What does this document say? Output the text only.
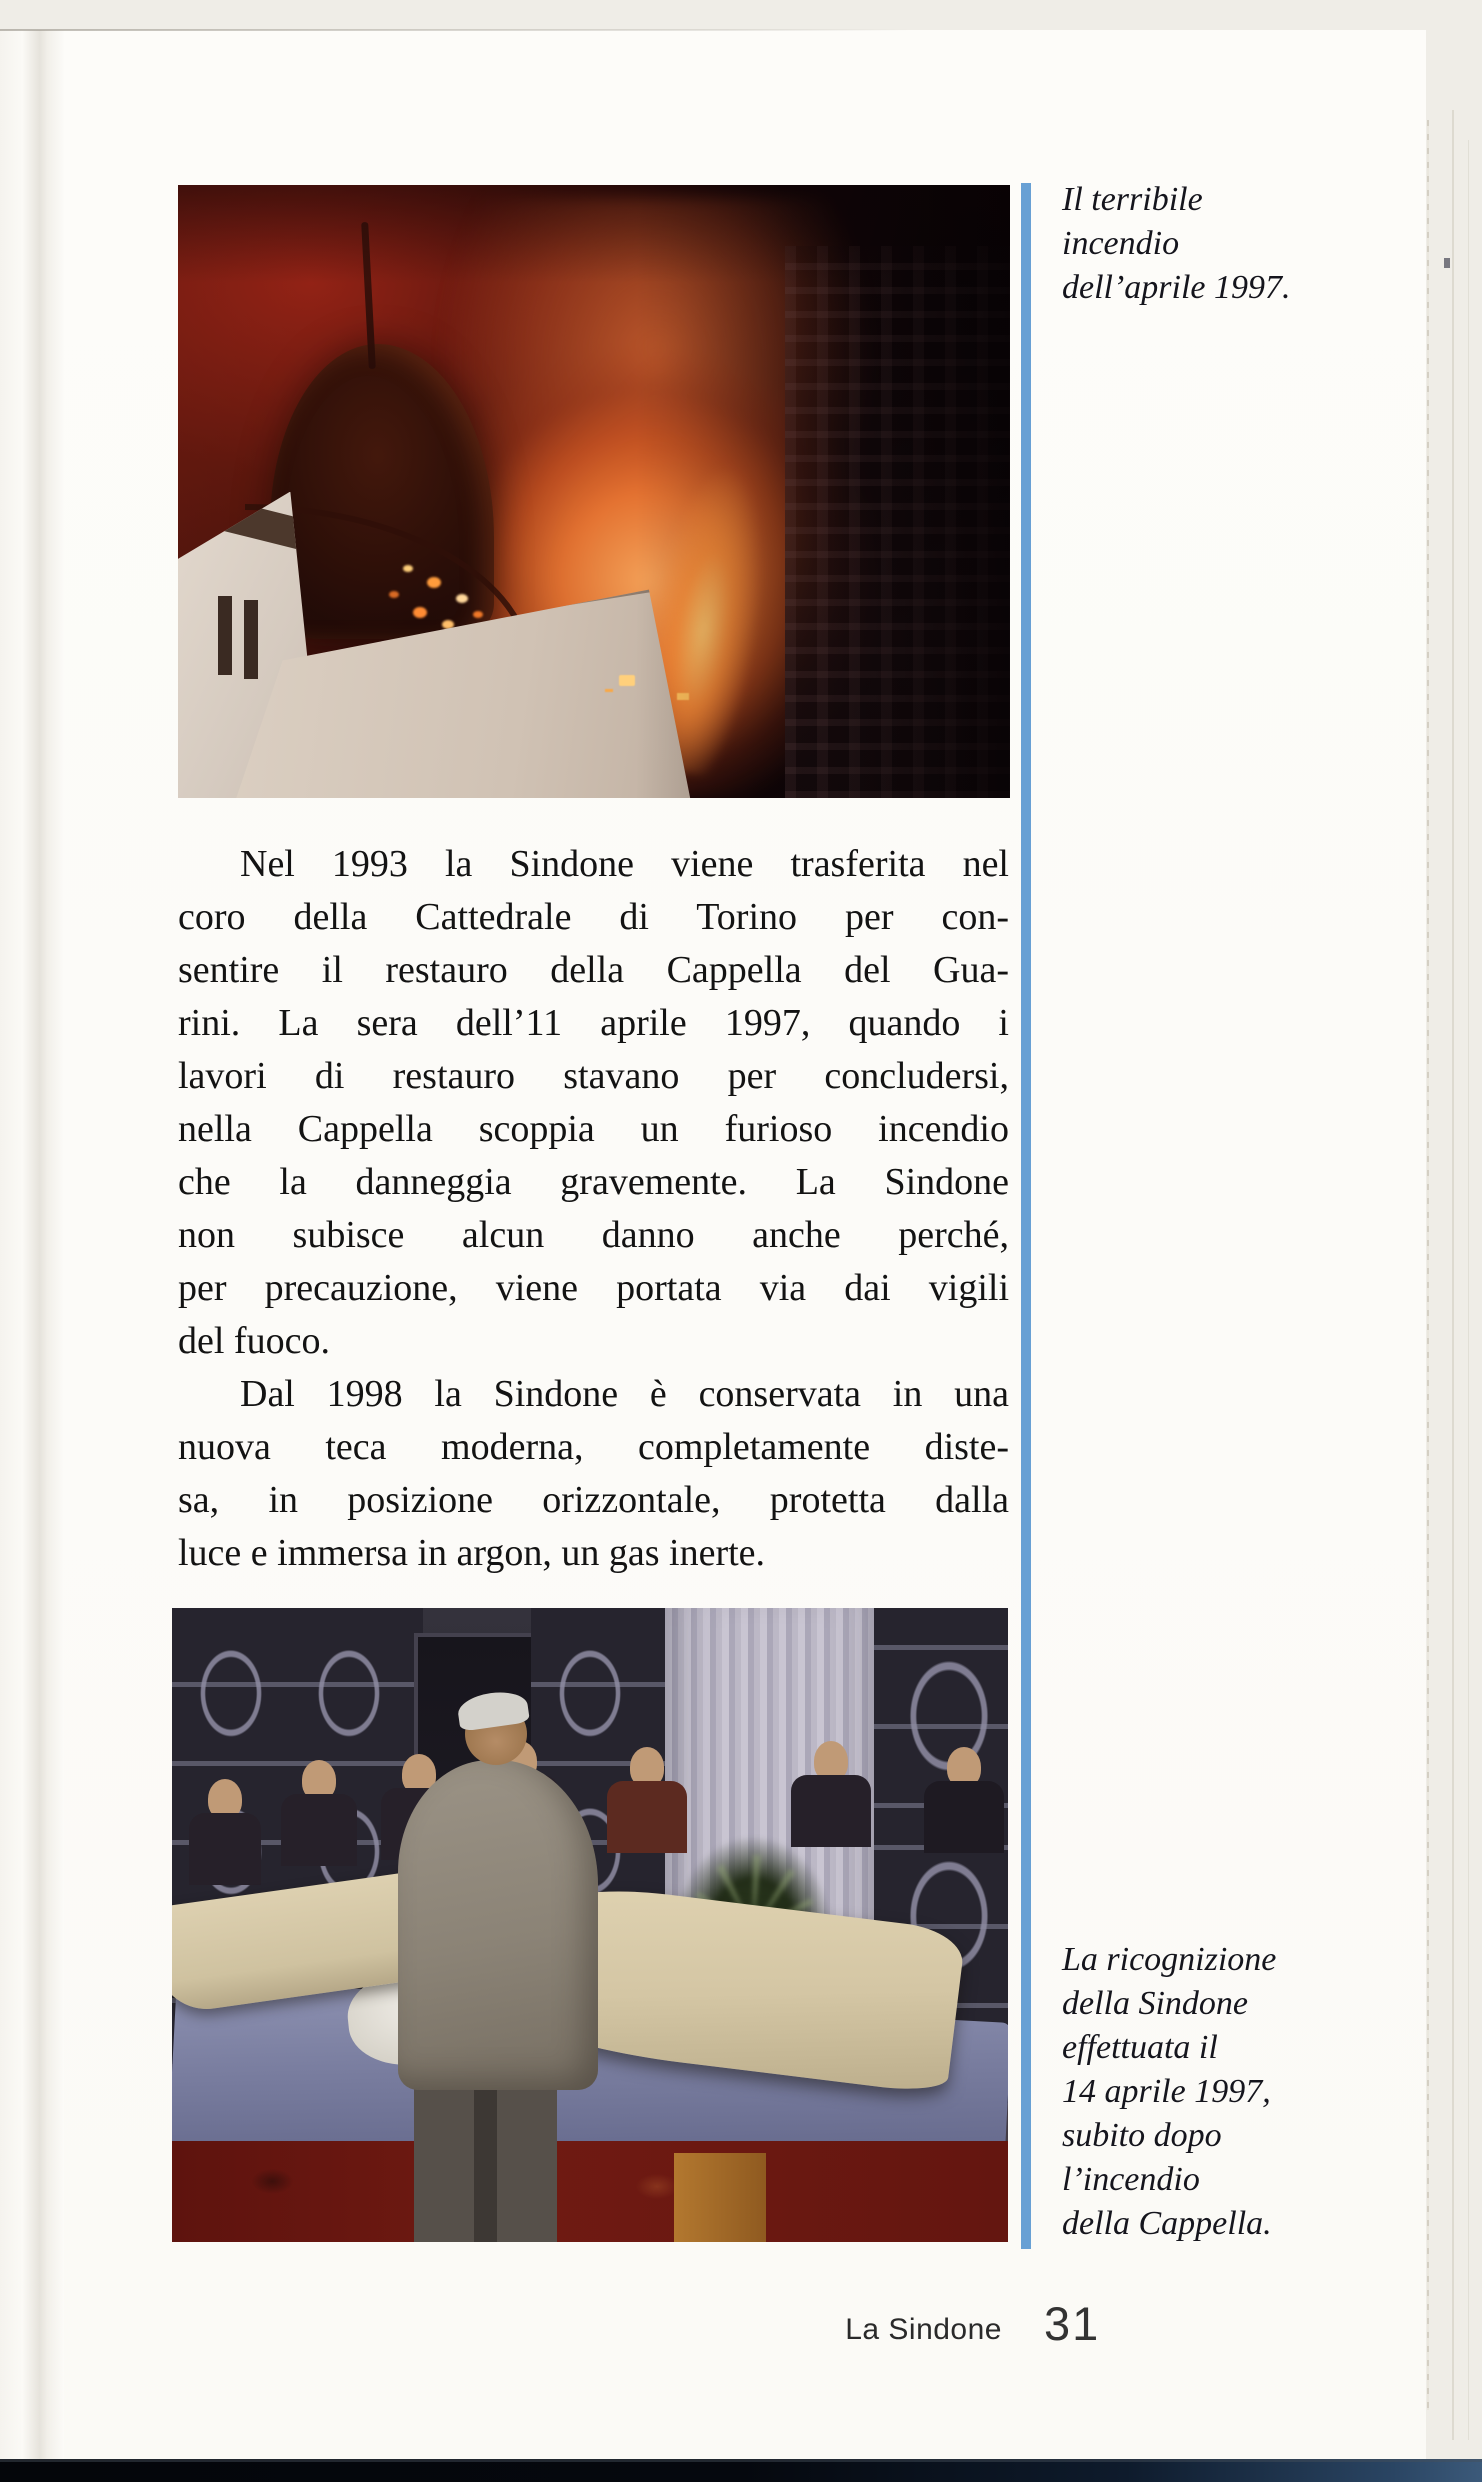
Il terribile
incendio
dell’aprile 1997.
Nel 1993 la Sindone viene trasferita nel
coro della Cattedrale di Torino per con-
sentire il restauro della Cappella del Gua-
rini. La sera dell’11 aprile 1997, quando i
lavori di restauro stavano per concludersi,
nella Cappella scoppia un furioso incendio
che la danneggia gravemente. La Sindone
non subisce alcun danno anche perché,
per precauzione, viene portata via dai vigili
del fuoco.
Dal 1998 la Sindone è conservata in una
nuova teca moderna, completamente diste-
sa, in posizione orizzontale, protetta dalla
luce e immersa in argon, un gas inerte.
La ricognizione
della Sindone
effettuata il
14 aprile 1997,
subito dopo
l’incendio
della Cappella.
La Sindone 31
